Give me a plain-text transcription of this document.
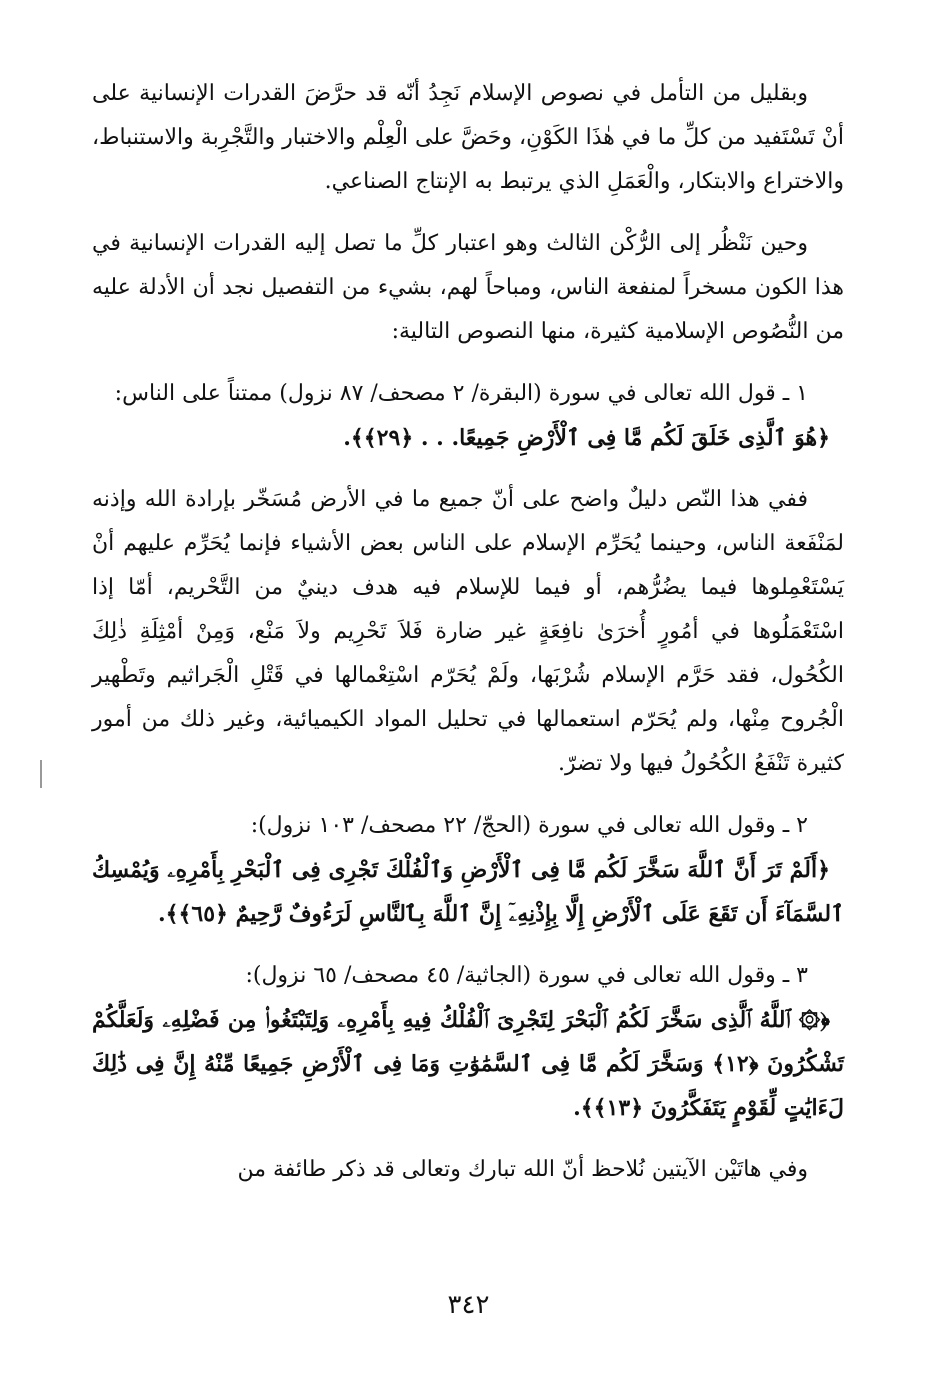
وبقليل من التأمل في نصوص الإسلام نَجِدُ أنّه قد حرَّضَ القدرات الإنسانية على أنْ تَسْتَفيد من كلِّ ما في هٰذَا الكَوْنِ، وحَضَّ على الْعِلْم والاختبار والتَّجْرِبة والاستنباط، والاختراع والابتكار، والْعَمَلِ الذي يرتبط به الإنتاج الصناعي.

وحين نَنْظُر إلى الرُّكْن الثالث وهو اعتبار كلِّ ما تصل إليه القدرات الإنسانية في هذا الكون مسخراً لمنفعة الناس، ومباحاً لهم، بشيء من التفصيل نجد أن الأدلة عليه من النُّصُوص الإسلامية كثيرة، منها النصوص التالية:

١ ـ قول الله تعالى في سورة (البقرة/ ٢ مصحف/ ٨٧ نزول) ممتناً على الناس:

﴿هُوَ ٱلَّذِى خَلَقَ لَكُم مَّا فِى ٱلْأَرْضِ جَمِيعًا. . . ﴿٢٩﴾﴾.

ففي هذا النّص دليلٌ واضح على أنّ جميع ما في الأرض مُسَخّر بإرادة الله وإذنه لمَنْفَعة الناس، وحينما يُحَرِّم الإسلام على الناس بعض الأشياء فإنما يُحَرِّم عليهم أنْ يَسْتَعْمِلوها فيما يضُرُّهم، أو فيما للإسلام فيه هدف دينيٌ من التَّحْريم، أمّا إذا اسْتَعْمَلُوها في أمُورٍ أُخرَىٰ نافِعَةٍ غير ضارة فَلاَ تَحْرِيم ولاَ مَنْع، وَمِنْ أمْثِلَةِ ذٰلِكَ الكُحُول، فقد حَرَّم الإسلام شُرْبَها، ولَمْ يُحَرّم اسْتِعْمالها في قَتْلِ الْجَراثيم وتَطْهير الْجُروح مِنْها، ولم يُحَرّم استعمالها في تحليل المواد الكيميائية، وغير ذلك من أمور كثيرة تَنْفَعُ الكُحُولُ فيها ولا تضرّ.

٢ ـ وقول الله تعالى في سورة (الحجّ/ ٢٢ مصحف/ ١٠٣ نزول):

﴿أَلَمْ تَرَ أَنَّ ٱللَّهَ سَخَّرَ لَكُم مَّا فِى ٱلْأَرْضِ وَٱلْفُلْكَ تَجْرِى فِى ٱلْبَحْرِ بِأَمْرِهِۦ وَيُمْسِكُ ٱلسَّمَآءَ أَن تَقَعَ عَلَى ٱلْأَرْضِ إِلَّا بِإِذْنِهِۦٓ إِنَّ ٱللَّهَ بِٱلنَّاسِ لَرَءُوفٌ رَّحِيمٌ ﴿٦٥﴾﴾.

٣ ـ وقول الله تعالى في سورة (الجاثية/ ٤٥ مصحف/ ٦٥ نزول):

﴿۞ ٱللَّهُ ٱلَّذِى سَخَّرَ لَكُمُ ٱلْبَحْرَ لِتَجْرِىَ ٱلْفُلْكُ فِيهِ بِأَمْرِهِۦ وَلِتَبْتَغُوا۟ مِن فَضْلِهِۦ وَلَعَلَّكُمْ تَشْكُرُونَ ﴿١٢﴾ وَسَخَّرَ لَكُم مَّا فِى ٱلسَّمَٰوَٰتِ وَمَا فِى ٱلْأَرْضِ جَمِيعًا مِّنْهُ إِنَّ فِى ذَٰلِكَ لَءَايَٰتٍ لِّقَوْمٍ يَتَفَكَّرُونَ ﴿١٣﴾﴾.

وفي هاتَيْن الآيتين نُلاحظ أنّ الله تبارك وتعالى قد ذكر طائفة من

٣٤٢
